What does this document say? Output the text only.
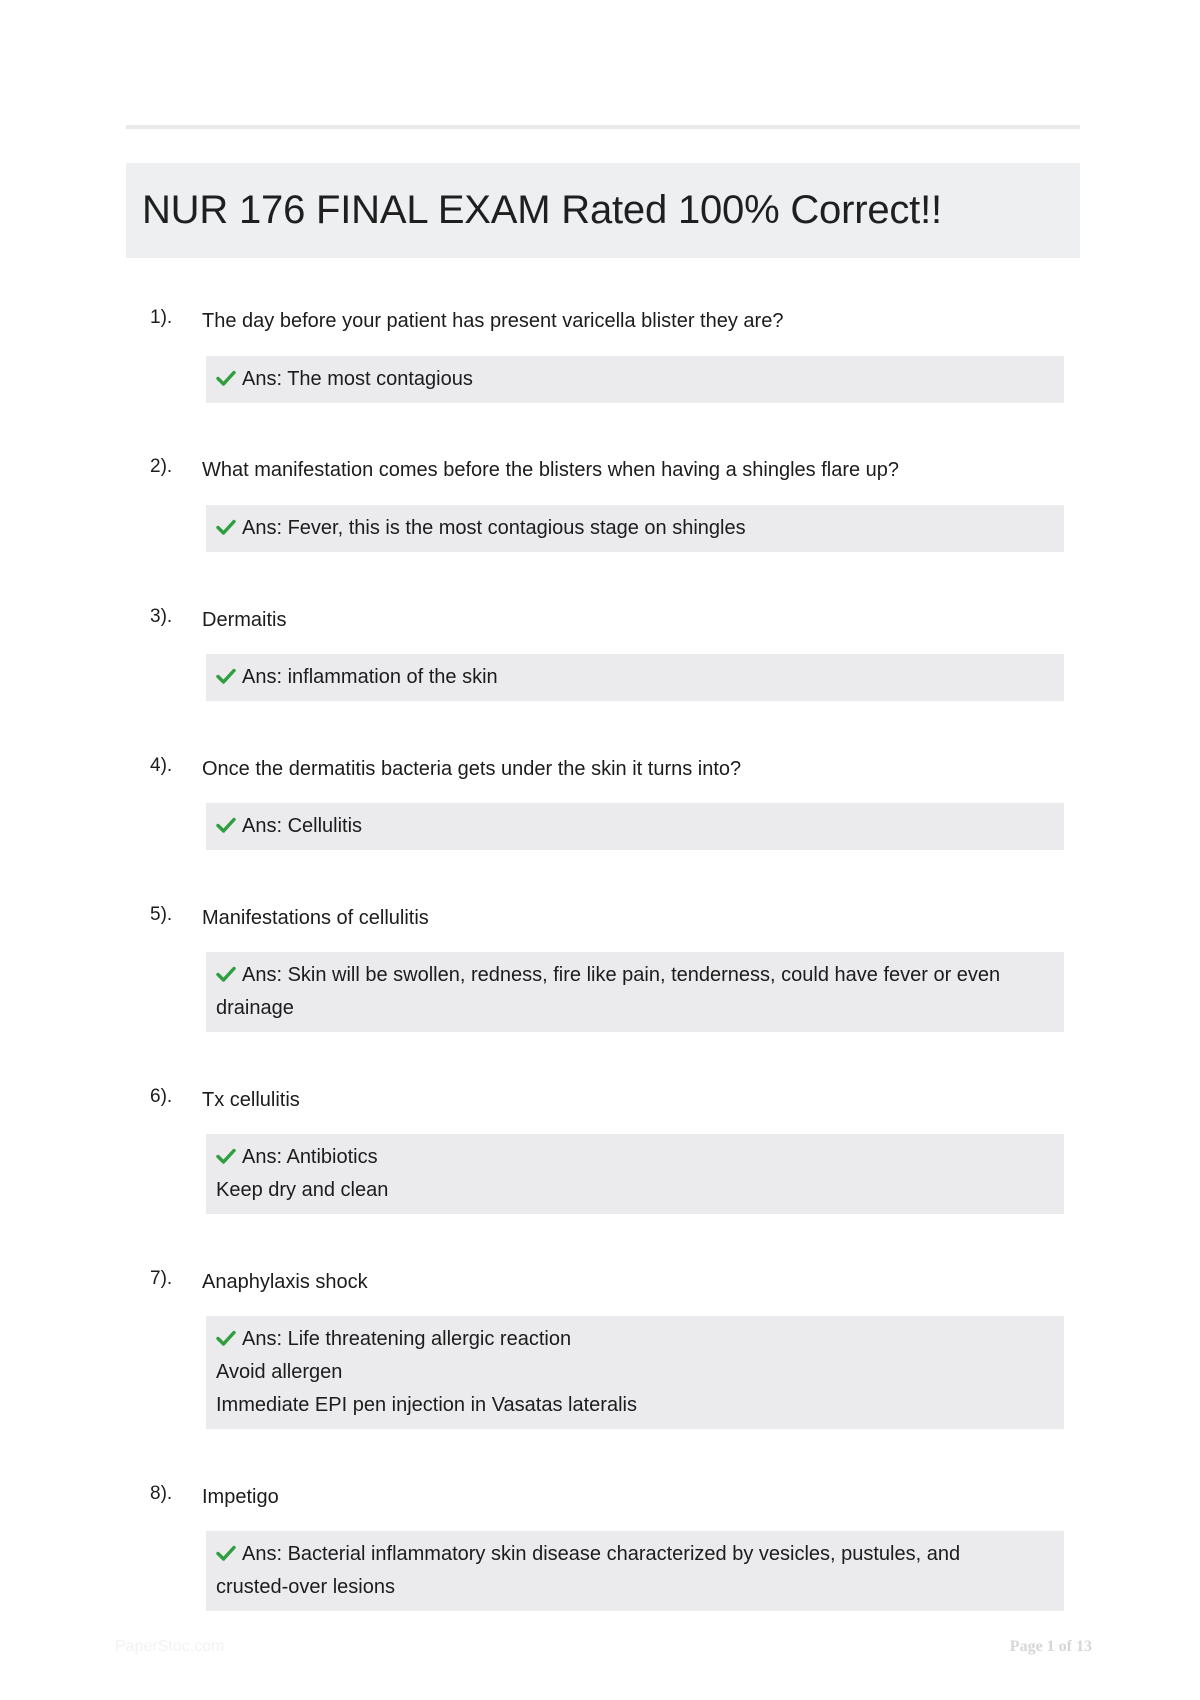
NUR 176 FINAL EXAM Rated 100% Correct!!
1).	The day before your patient has present varicella blister they are?
Ans: The most contagious
2).	What manifestation comes before the blisters when having a shingles flare up?
Ans: Fever, this is the most contagious stage on shingles
3).	Dermaitis
Ans: inflammation of the skin
4).	Once the dermatitis bacteria gets under the skin it turns into?
Ans: Cellulitis
5).	Manifestations of cellulitis
Ans: Skin will be swollen, redness, fire like pain, tenderness, could have fever or even
drainage
6).	Tx cellulitis
Ans: Antibiotics
Keep dry and clean
7).	Anaphylaxis shock
Ans: Life threatening allergic reaction
Avoid allergen
Immediate EPI pen injection in Vasatas lateralis
8).	Impetigo
Ans: Bacterial inflammatory skin disease characterized by vesicles, pustules, and
crusted-over lesions
PaperStoc.com	Page 1 of 13
